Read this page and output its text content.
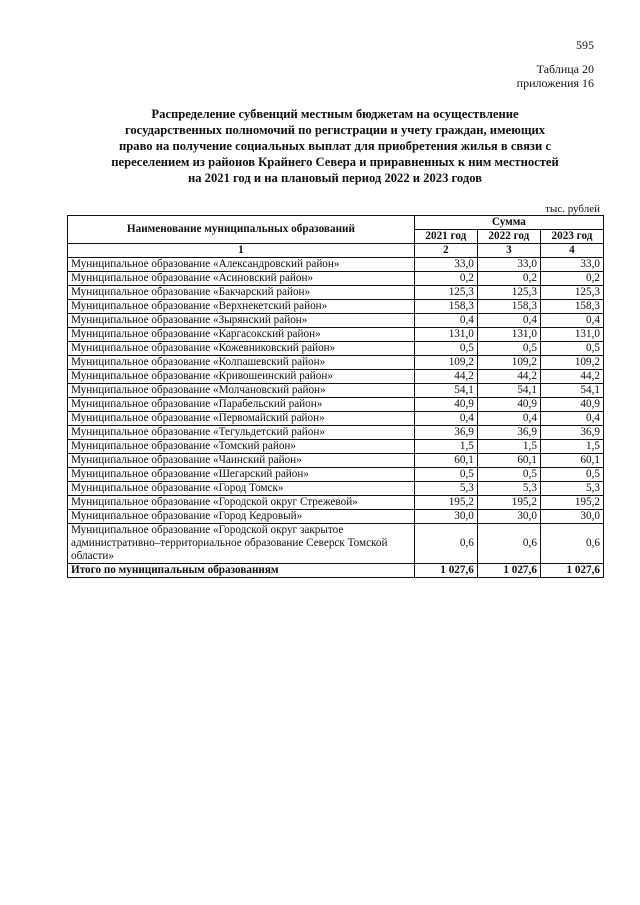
595
Таблица 20
приложения 16
Распределение субвенций местным бюджетам на осуществление
государственных полномочий по регистрации и учету граждан, имеющих
право на получение социальных выплат для приобретения жилья в связи с
переселением из районов Крайнего Севера и приравненных к ним местностей
на 2021 год и на плановый период 2022 и 2023 годов
тыс. рублей
Наименование муниципальных образований	Сумма		
	2021 год	2022 год	2023 год
1	2	3	4
Муниципальное образование «Александровский район»	33,0	33,0	33,0
Муниципальное образование «Асиновский район»	0,2	0,2	0,2
Муниципальное образование «Бакчарский район»	125,3	125,3	125,3
Муниципальное образование «Верхнекетский район»	158,3	158,3	158,3
Муниципальное образование «Зырянский район»	0,4	0,4	0,4
Муниципальное образование «Каргасокский район»	131,0	131,0	131,0
Муниципальное образование «Кожевниковский район»	0,5	0,5	0,5
Муниципальное образование «Колпашевский район»	109,2	109,2	109,2
Муниципальное образование «Кривошеинский район»	44,2	44,2	44,2
Муниципальное образование «Молчановский район»	54,1	54,1	54,1
Муниципальное образование «Парабельский район»	40,9	40,9	40,9
Муниципальное образование «Первомайский район»	0,4	0,4	0,4
Муниципальное образование «Тегульдетский район»	36,9	36,9	36,9
Муниципальное образование «Томский район»	1,5	1,5	1,5
Муниципальное образование «Чаинский район»	60,1	60,1	60,1
Муниципальное образование «Шегарский район»	0,5	0,5	0,5
Муниципальное образование «Город Томск»	5,3	5,3	5,3
Муниципальное образование «Городской округ Стрежевой»	195,2	195,2	195,2
Муниципальное образование «Город Кедровый»	30,0	30,0	30,0
Муниципальное образование «Городской округ закрытое административно–территориальное образование Северск Томской области»	0,6	0,6	0,6
Итого по муниципальным образованиям	1 027,6	1 027,6	1 027,6
